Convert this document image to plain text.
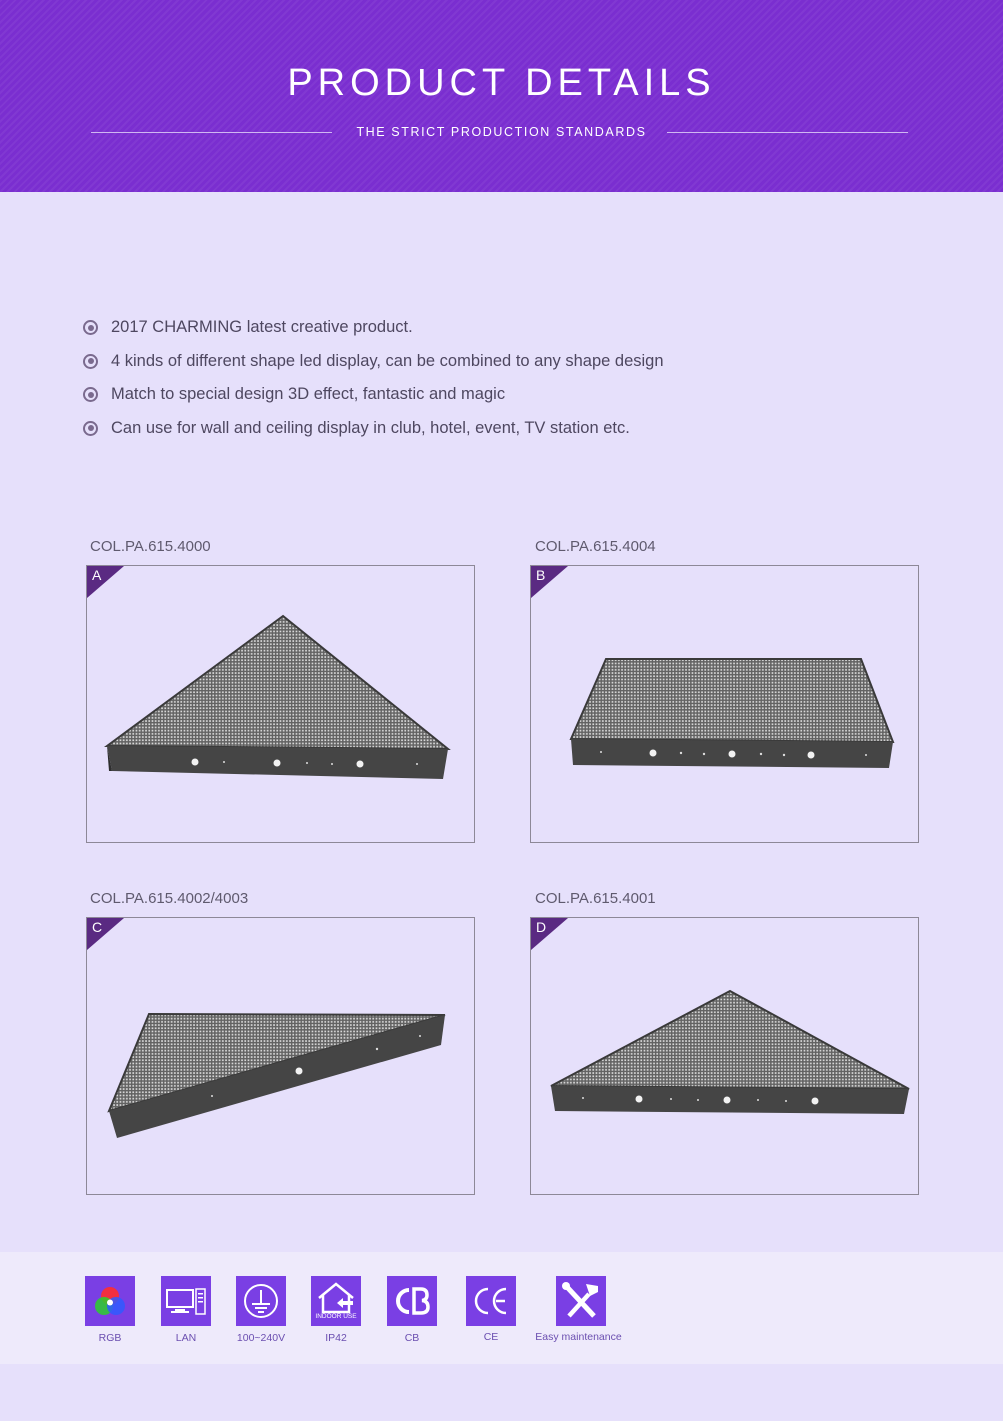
PRODUCT DETAILS
THE STRICT PRODUCTION STANDARDS
2017 CHARMING latest creative product.
4 kinds of different shape led display, can be combined to any shape design
Match to special design 3D effect, fantastic and magic
Can use for wall and ceiling display in club, hotel, event, TV station etc.
COL.PA.615.4000
A
COL.PA.615.4004
B
COL.PA.615.4002/4003
C
COL.PA.615.4001
D
RGB	LAN	100~240V
INDOOR USE
IP42	CB	CE	Easy maintenance
